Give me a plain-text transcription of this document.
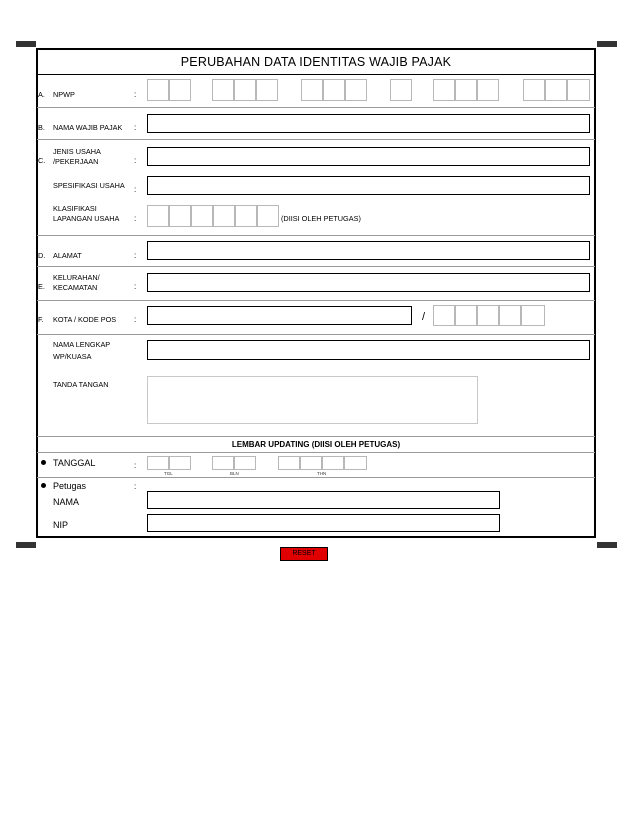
PERUBAHAN DATA IDENTITAS WAJIB PAJAK
A. NPWP	:
B. NAMA WAJIB PAJAK :
C.
JENIS USAHA
/PEKERJAAN	:
SPESIFIKASI USAHA :
KLASIFIKASI
LAPANGAN USAHA :	(DIISI OLEH PETUGAS)
D. ALAMAT	:
E.
KELURAHAN/
KECAMATAN	:
F. KOTA / KODE POS :	/
NAMA LENGKAP
WP/KUASA
TANDA TANGAN
LEMBAR UPDATING (DIISI OLEH PETUGAS)
TANGGAL	:
TGL	BLN	THN
Petugas	:
NAMA
NIP
RESET
